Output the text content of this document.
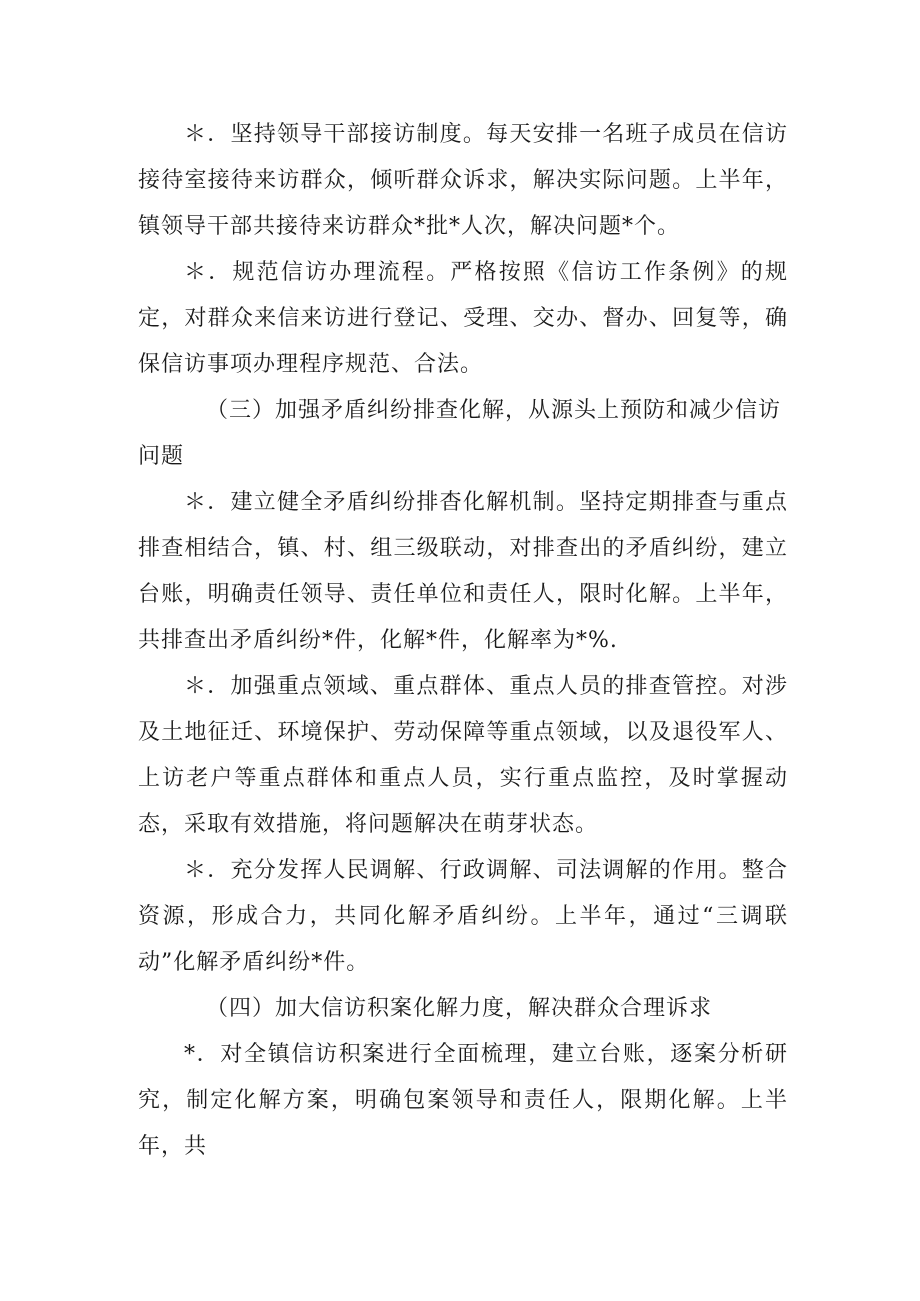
＊．坚持领导干部接访制度。每天安排一名班子成员在信访接待室接待来访群众，倾听群众诉求，解决实际问题。上半年，镇领导干部共接待来访群众*批*人次，解决问题*个。

＊．规范信访办理流程。严格按照《信访工作条例》的规定，对群众来信来访进行登记、受理、交办、督办、回复等，确保信访事项办理程序规范、合法。

（三）加强矛盾纠纷排查化解，从源头上预防和减少信访问题

＊．建立健全矛盾纠纷排杳化解机制。坚持定期排查与重点排查相结合，镇、村、组三级联动，对排查出的矛盾纠纷，建立台账，明确责任领导、责任单位和责任人，限时化解。上半年，共排查出矛盾纠纷*件，化解*件，化解率为*%.

＊．加强重点领域、重点群体、重点人员的排查管控。对涉及土地征迁、环境保护、劳动保障等重点领域，以及退役军人、上访老户等重点群体和重点人员，实行重点监控，及时掌握动态，采取有效措施，将问题解决在萌芽状态。

＊．充分发挥人民调解、行政调解、司法调解的作用。整合资源，形成合力，共同化解矛盾纠纷。上半年，通过“三调联动”化解矛盾纠纷*件。

（四）加大信访积案化解力度，解决群众合理诉求

*．对全镇信访积案进行全面梳理，建立台账，逐案分析研究，制定化解方案，明确包案领导和责任人，限期化解。上半年，共
